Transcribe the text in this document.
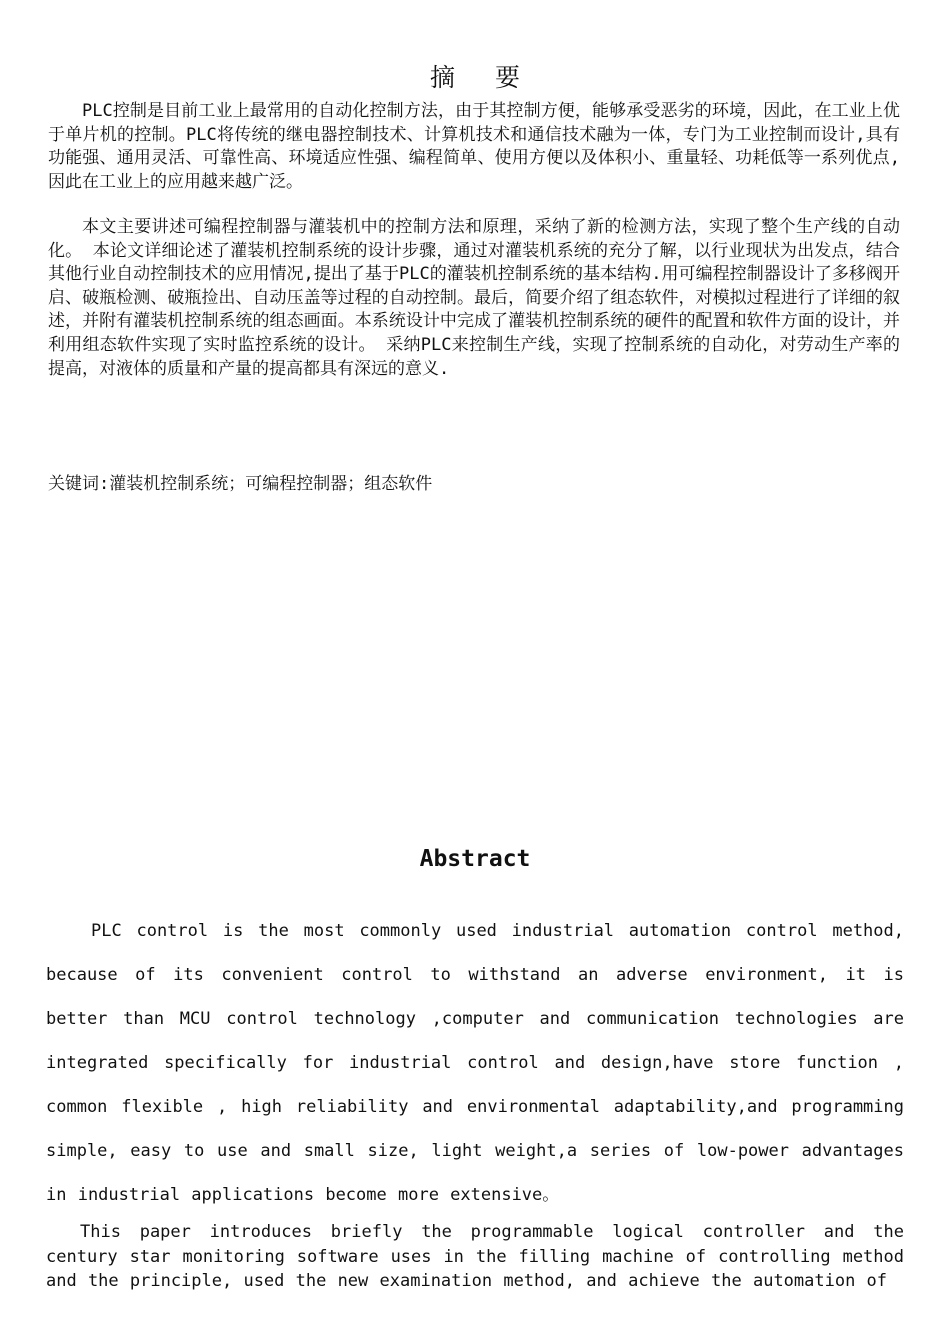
摘 要

PLC控制是目前工业上最常用的自动化控制方法，由于其控制方便，能够承受恶劣的环境，因此，在工业上优于单片机的控制。PLC将传统的继电器控制技术、计算机技术和通信技术融为一体，专门为工业控制而设计,具有功能强、通用灵活、可靠性高、环境适应性强、编程简单、使用方便以及体积小、重量轻、功耗低等一系列优点,因此在工业上的应用越来越广泛。

本文主要讲述可编程控制器与灌装机中的控制方法和原理，采纳了新的检测方法，实现了整个生产线的自动化。 本论文详细论述了灌装机控制系统的设计步骤，通过对灌装机系统的充分了解，以行业现状为出发点，结合其他行业自动控制技术的应用情况,提出了基于PLC的灌装机控制系统的基本结构.用可编程控制器设计了多移阀开启、破瓶检测、破瓶捡出、自动压盖等过程的自动控制。最后，简要介绍了组态软件，对模拟过程进行了详细的叙述，并附有灌装机控制系统的组态画面。本系统设计中完成了灌装机控制系统的硬件的配置和软件方面的设计，并利用组态软件实现了实时监控系统的设计。 采纳PLC来控制生产线，实现了控制系统的自动化，对劳动生产率的提高，对液体的质量和产量的提高都具有深远的意义.

关键词:灌装机控制系统；可编程控制器；组态软件

Abstract

PLC control is the most commonly used industrial automation control method, because of its convenient control to withstand an adverse environment, it is better than MCU control technology ,computer and communication technologies are integrated specifically for industrial control and design,have store function , common flexible , high reliability and environmental adaptability,and programming simple, easy to use and small size, light weight,a series of low-power advantages in industrial applications become more extensive。

This paper introduces briefly the programmable logical controller and the century star monitoring software uses in the filling machine of controlling method and the principle, used the new examination method, and achieve the automation of
